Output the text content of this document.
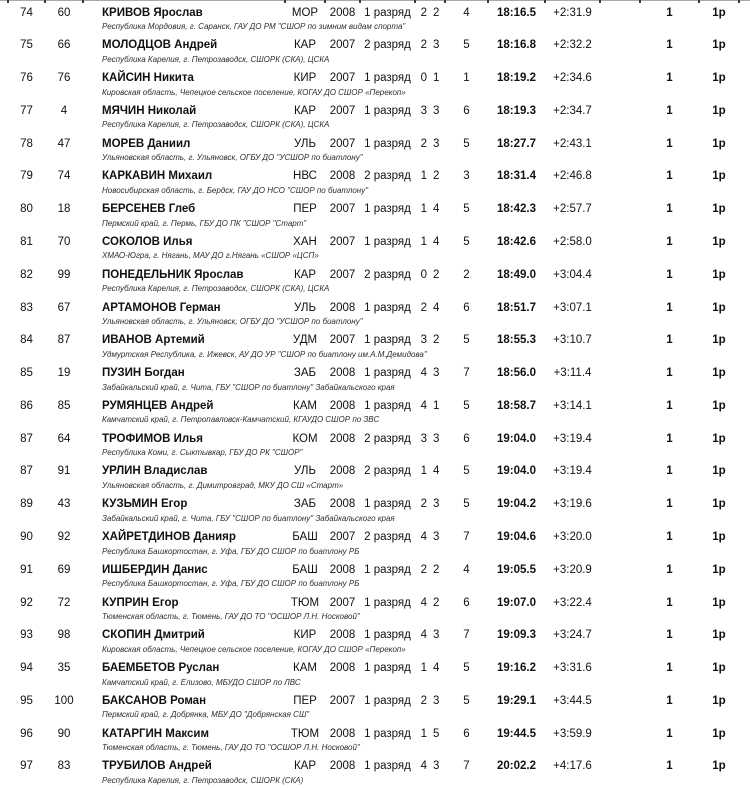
74	60	КРИВОВ Ярослав	МОР	2008 1 разряд 2 2	4	18:16.5	+2:31.9	1	1р
Республика Мордовия, г. Саранск, ГАУ ДО РМ "СШОР по зимним видам спорта"
75	66	МОЛОДЦОВ Андрей	КАР	2007 2 разряд 2 3	5	18:16.8	+2:32.2	1	1р
Республика Карелия, г. Петрозаводск, СШОРК (СКА), ЦСКА
76	76	КАЙСИН Никита	КИР	2007 1 разряд 0 1	1	18:19.2	+2:34.6	1	1р
Кировская область, Чепецкое сельское поселение, КОГАУ ДО СШОР «Перекоп»
77	4	МЯЧИН Николай	КАР	2007 1 разряд 3 3	6	18:19.3	+2:34.7	1	1р
Республика Карелия, г. Петрозаводск, СШОРК (СКА), ЦСКА
78	47	МОРЕВ Даниил	УЛЬ	2007 1 разряд 2 3	5	18:27.7	+2:43.1	1	1р
Ульяновская область, г. Ульяновск, ОГБУ ДО "УСШОР по биатлону"
79	74	КАРКАВИН Михаил	НВС	2008 2 разряд 1 2	3	18:31.4	+2:46.8	1	1р
Новосибирская область, г. Бердск, ГАУ ДО НСО "СШОР по биатлону"
80	18	БЕРСЕНЕВ Глеб	ПЕР	2007 1 разряд 1 4	5	18:42.3	+2:57.7	1	1р
Пермский край, г. Пермь, ГБУ ДО ПК "СШОР "Старт"
81	70	СОКОЛОВ Илья	ХАН	2007 1 разряд 1 4	5	18:42.6	+2:58.0	1	1р
ХМАО-Югра, г. Нягань, МАУ ДО г.Нягань «СШОР «ЦСП»
82	99	ПОНЕДЕЛЬНИК Ярослав	КАР	2007 2 разряд 0 2	2	18:49.0	+3:04.4	1	1р
Республика Карелия, г. Петрозаводск, СШОРК (СКА), ЦСКА
83	67	АРТАМОНОВ Герман	УЛЬ	2008 1 разряд 2 4	6	18:51.7	+3:07.1	1	1р
Ульяновская область, г. Ульяновск, ОГБУ ДО "УСШОР по биатлону"
84	87	ИВАНОВ Артемий	УДМ	2007 1 разряд 3 2	5	18:55.3	+3:10.7	1	1р
Удмуртская Республика, г. Ижевск, АУ ДО УР "СШОР по биатлону им.А.М.Демидова"
85	19	ПУЗИН Богдан	ЗАБ	2008 1 разряд 4 3	7	18:56.0	+3:11.4	1	1р
Забайкальский край, г. Чита, ГБУ "СШОР по биатлону" Забайкальского края
86	85	РУМЯНЦЕВ Андрей	КАМ	2008 1 разряд 4 1	5	18:58.7	+3:14.1	1	1р
Камчатский край, г. Петропавловск-Камчатский, КГАУДО СШОР по ЗВС
87	64	ТРОФИМОВ Илья	КОМ	2008 2 разряд 3 3	6	19:04.0	+3:19.4	1	1р
Республика Коми, г. Сыктывкар, ГБУ ДО РК "СШОР"
87	91	УРЛИН Владислав	УЛЬ	2008 2 разряд 1 4	5	19:04.0	+3:19.4	1	1р
Ульяновская область, г. Димитровград, МКУ ДО СШ «Старт»
89	43	КУЗЬМИН Егор	ЗАБ	2008 1 разряд 2 3	5	19:04.2	+3:19.6	1	1р
Забайкальский край, г. Чита, ГБУ "СШОР по биатлону" Забайкальского края
90	92	ХАЙРЕТДИНОВ Данияр	БАШ	2007 2 разряд 4 3	7	19:04.6	+3:20.0	1	1р
Республика Башкортостан, г. Уфа, ГБУ ДО СШОР по биатлону РБ
91	69	ИШБЕРДИН Данис	БАШ	2008 1 разряд 2 2	4	19:05.5	+3:20.9	1	1р
Республика Башкортостан, г. Уфа, ГБУ ДО СШОР по биатлону РБ
92	72	КУПРИН Егор	ТЮМ 2007 1 разряд 4 2	6	19:07.0	+3:22.4	1	1р
Тюменская область, г. Тюмень, ГАУ ДО ТО "ОСШОР Л.Н. Носковой"
93	98	СКОПИН Дмитрий	КИР	2008 1 разряд 4 3	7	19:09.3	+3:24.7	1	1р
Кировская область, Чепецкое сельское поселение, КОГАУ ДО СШОР «Перекоп»
94	35	БАЕМБЕТОВ Руслан	КАМ	2008 1 разряд 1 4	5	19:16.2	+3:31.6	1	1р
Камчатский край, г. Елизово, МБУДО СШОР по ЛВС
95	100	БАКСАНОВ Роман	ПЕР	2007 1 разряд 2 3	5	19:29.1	+3:44.5	1	1р
Пермский край, г. Добрянка, МБУ ДО "Добрянская СШ"
96	90	КАТАРГИН Максим	ТЮМ 2008 1 разряд 1 5	6	19:44.5	+3:59.9	1	1р
Тюменская область, г. Тюмень, ГАУ ДО ТО "ОСШОР Л.Н. Носковой"
97	83	ТРУБИЛОВ Андрей	КАР	2008 1 разряд 4 3	7	20:02.2	+4:17.6	1	1р
Республика Карелия, г. Петрозаводск, СШОРК (СКА)
